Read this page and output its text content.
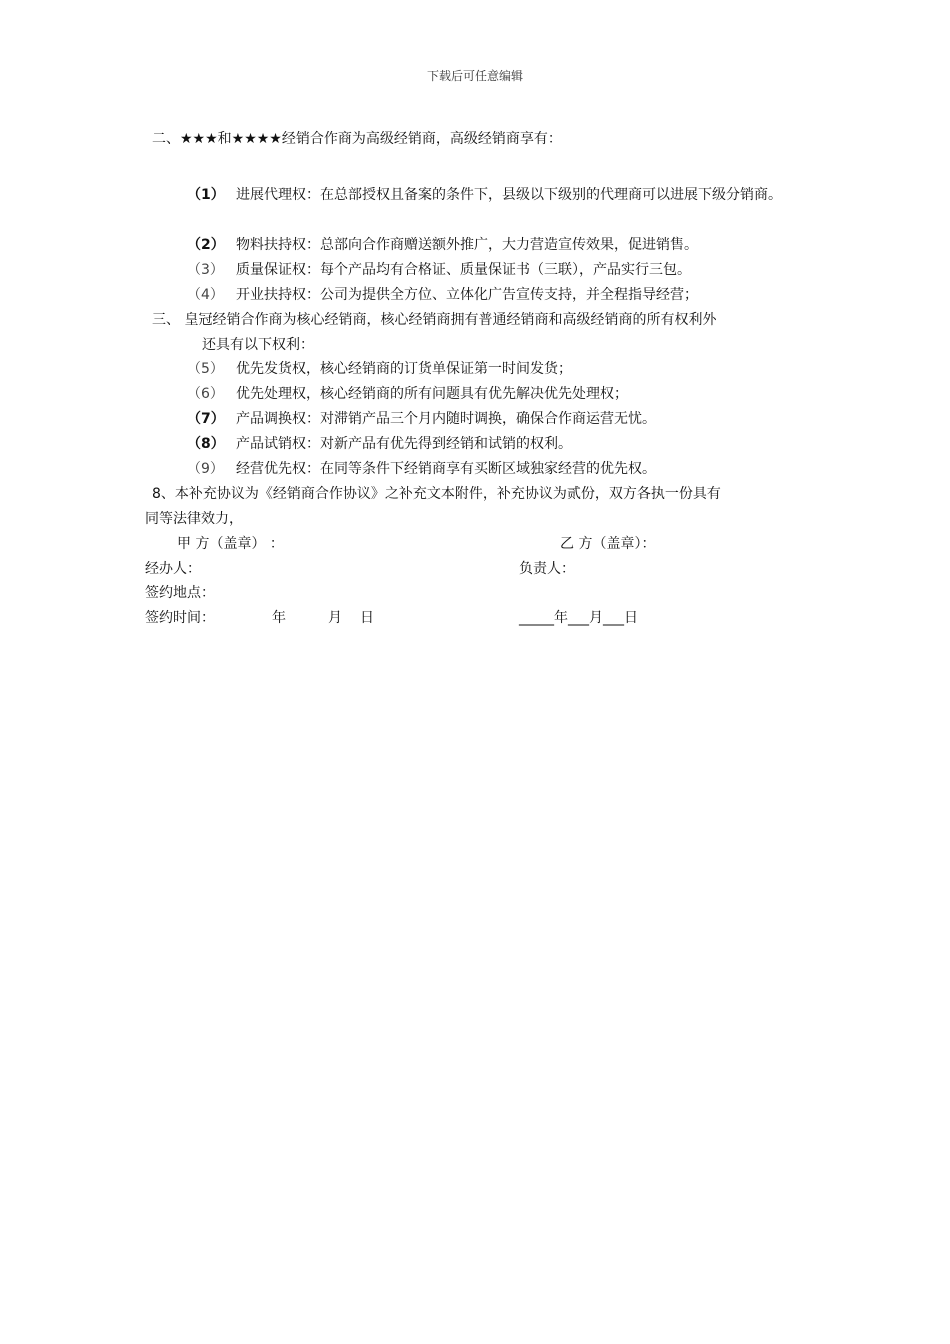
下载后可任意编辑
二、★★★和★★★★经销合作商为高级经销商，高级经销商享有：
（1） 进展代理权：在总部授权且备案的条件下，县级以下级别的代理商可以进展下级分销商。
（2） 物料扶持权：总部向合作商赠送额外推广，大力营造宣传效果，促进销售。
（3） 质量保证权：每个产品均有合格证、质量保证书（三联），产品实行三包。
（4） 开业扶持权：公司为提供全方位、立体化广告宣传支持，并全程指导经营；
三、 皇冠经销合作商为核心经销商，核心经销商拥有普通经销商和高级经销商的所有权利外
还具有以下权利：
（5） 优先发货权，核心经销商的订货单保证第一时间发货；
（6） 优先处理权，核心经销商的所有问题具有优先解决优先处理权；
（7） 产品调换权：对滞销产品三个月内随时调换，确保合作商运营无忧。
（8） 产品试销权：对新产品有优先得到经销和试销的权利。
（9） 经营优先权：在同等条件下经销商享有买断区域独家经营的优先权。
8、本补充协议为《经销商合作协议》之补充文本附件，补充协议为贰份，双方各执一份具有
同等法律效力，
甲 方（盖章） ：	乙 方（盖章）：
经办人：	负责人：
签约地点：
签约时间：	年	月 日	_____年___月___日
